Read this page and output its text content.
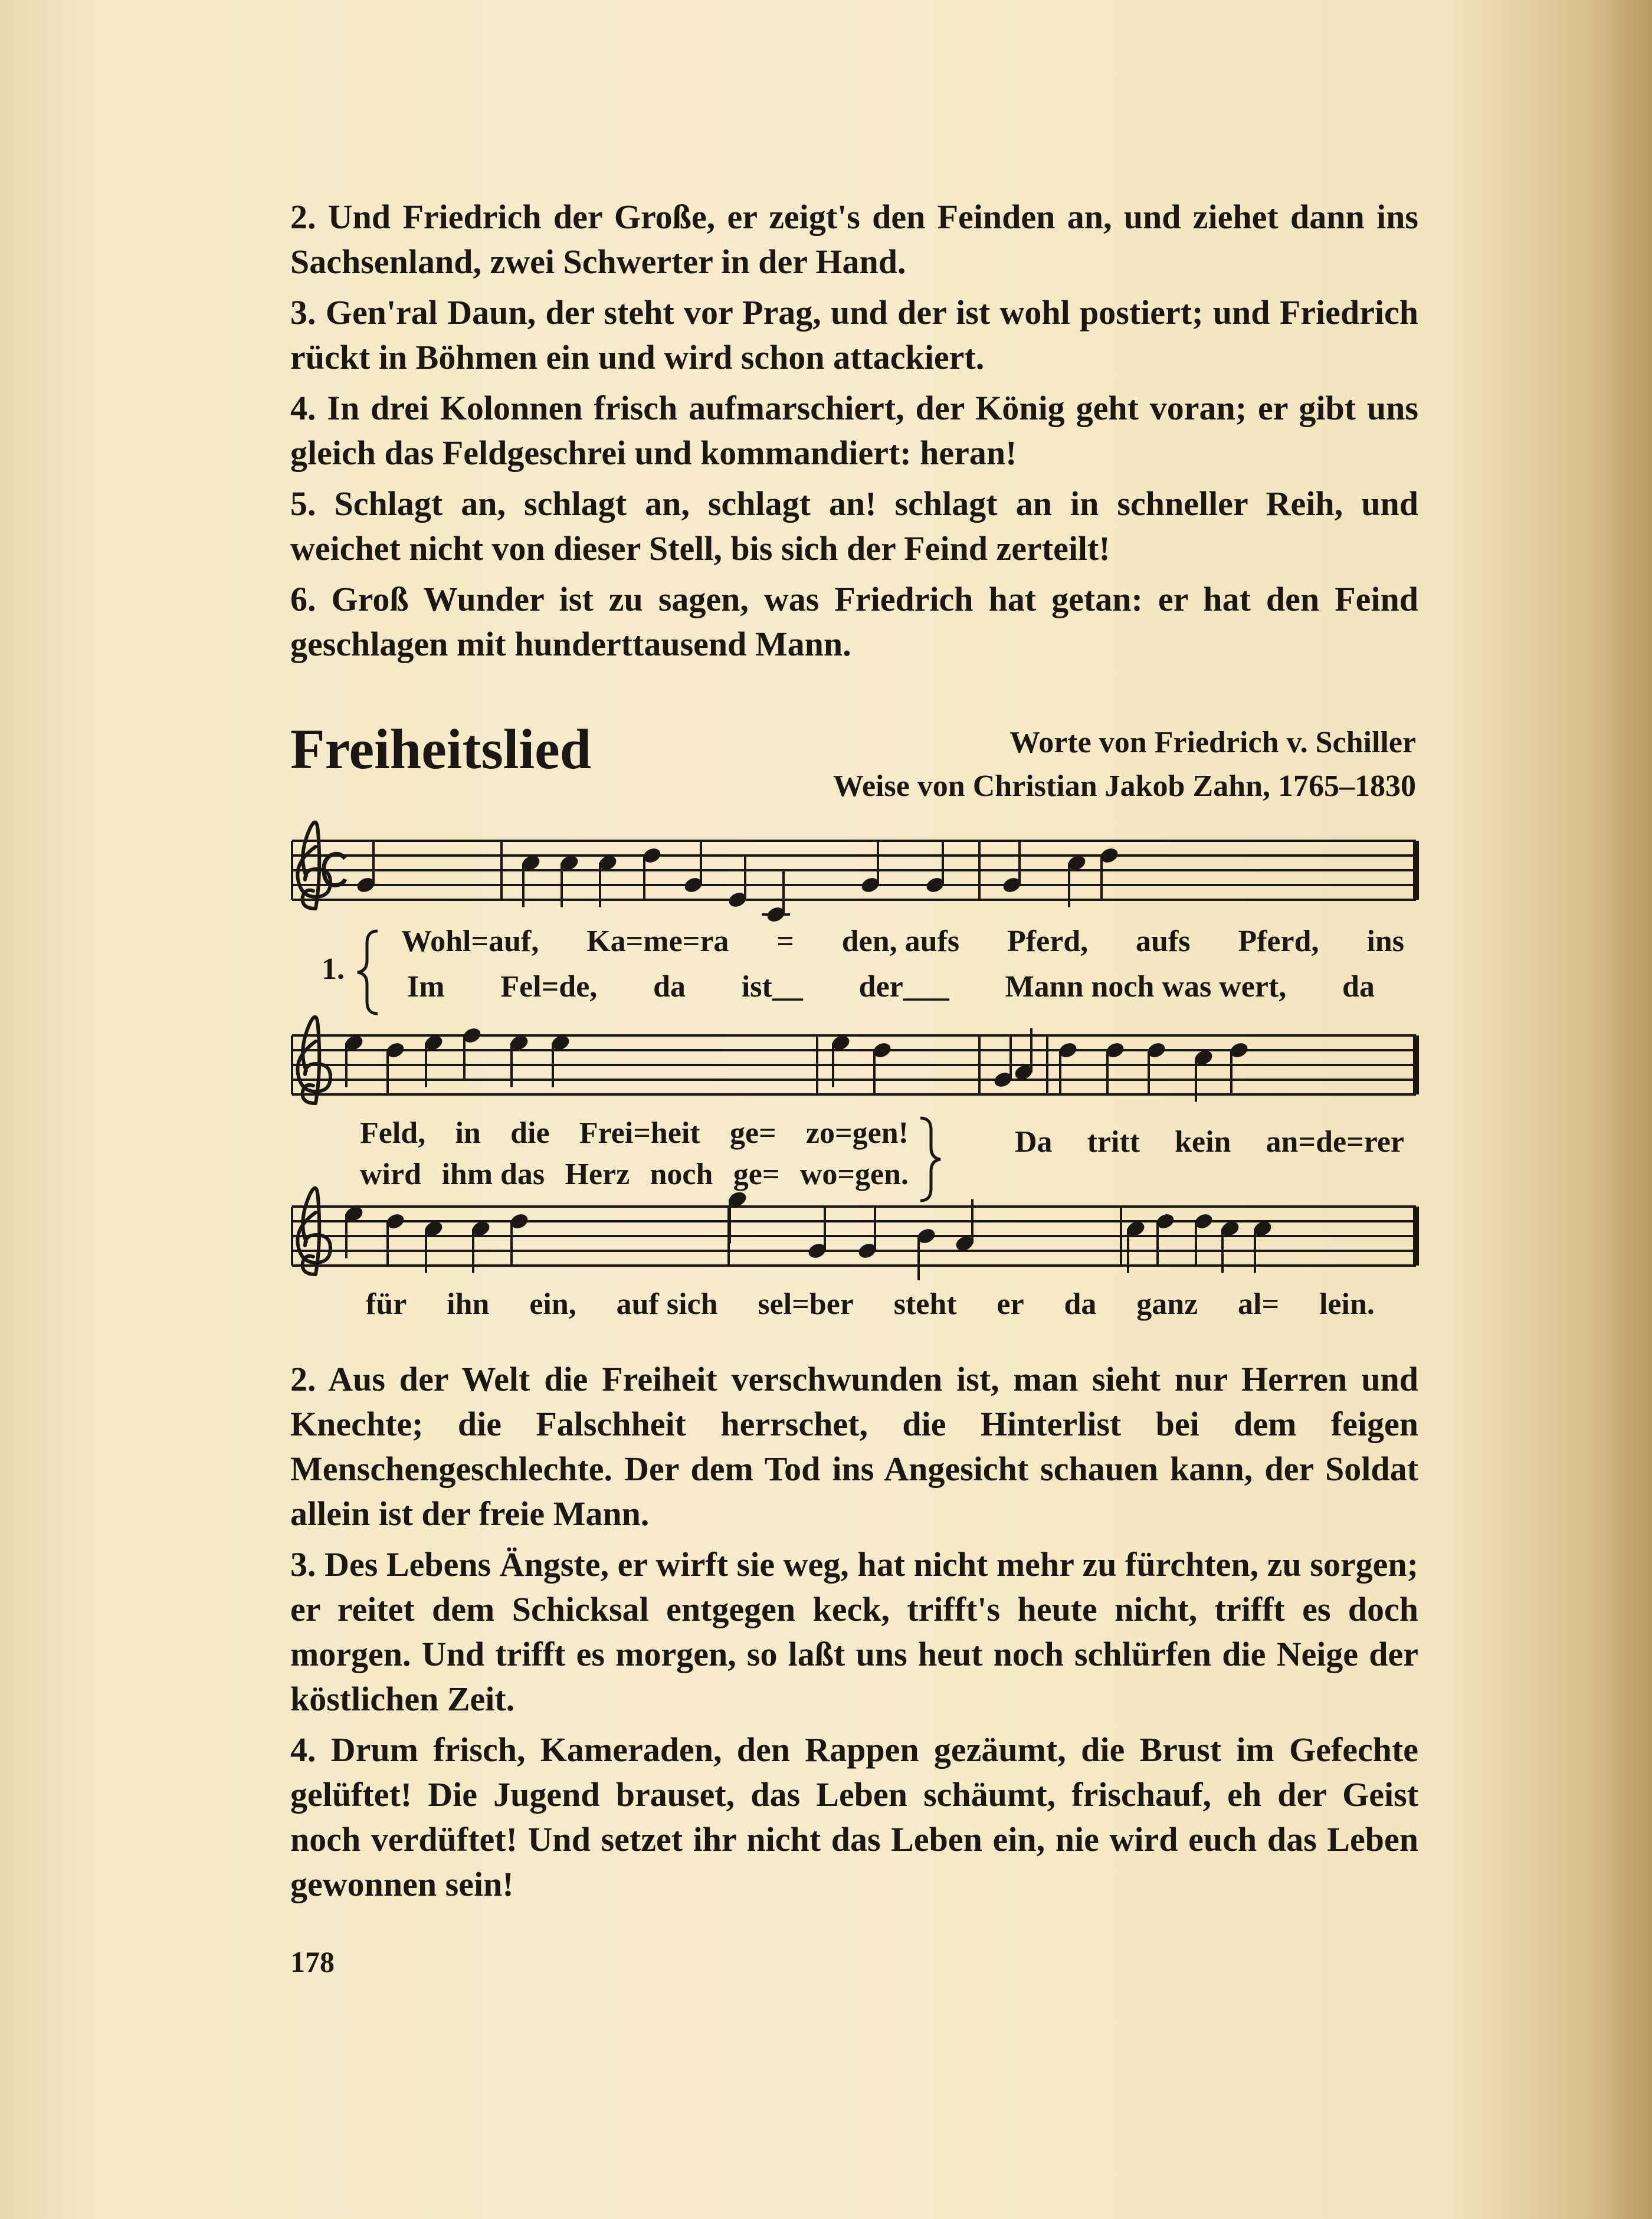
2. Und Friedrich der Große, er zeigt's den Feinden an, und ziehet dann ins Sachsenland, zwei Schwerter in der Hand.
3. Gen'ral Daun, der steht vor Prag, und der ist wohl postiert; und Friedrich rückt in Böhmen ein und wird schon attackiert.
4. In drei Kolonnen frisch aufmarschiert, der König geht voran; er gibt uns gleich das Feldgeschrei und kommandiert: heran!
5. Schlagt an, schlagt an, schlagt an! schlagt an in schneller Reih, und weichet nicht von dieser Stell, bis sich der Feind zerteilt!
6. Groß Wunder ist zu sagen, was Friedrich hat getan: er hat den Feind geschlagen mit hunderttausend Mann.
Freiheitslied	Worte von Friedrich v. Schiller
Weise von Christian Jakob Zahn, 1765–1830
1.
Wohl=auf, Ka=me=ra = den, aufs Pferd, aufs Pferd, ins
Im Fel=de, da ist__ der___ Mann noch was wert, da
Feld, in die Frei=heit ge= zo=gen!
wird ihm das Herz noch ge= wo=gen.
Da tritt kein an=de=rer
für ihn ein, auf sich sel=ber steht er da ganz al= lein.
2. Aus der Welt die Freiheit verschwunden ist, man sieht nur Herren und Knechte; die Falschheit herrschet, die Hinterlist bei dem feigen Menschengeschlechte. Der dem Tod ins Angesicht schauen kann, der Soldat allein ist der freie Mann.
3. Des Lebens Ängste, er wirft sie weg, hat nicht mehr zu fürchten, zu sorgen; er reitet dem Schicksal entgegen keck, trifft's heute nicht, trifft es doch morgen. Und trifft es morgen, so laßt uns heut noch schlürfen die Neige der köstlichen Zeit.
4. Drum frisch, Kameraden, den Rappen gezäumt, die Brust im Gefechte gelüftet! Die Jugend brauset, das Leben schäumt, frischauf, eh der Geist noch verdüftet! Und setzet ihr nicht das Leben ein, nie wird euch das Leben gewonnen sein!
178
